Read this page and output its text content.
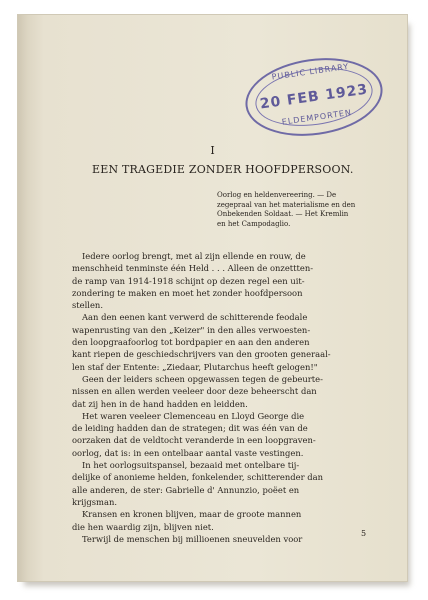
PUBLIC LIBRARY
20 FEB 1923
ELDEMPORTEN
I
EEN TRAGEDIE ZONDER HOOFDPERSOON.
Oorlog en heldenvereering. — De
zegepraal van het materialisme en den
Onbekenden Soldaat. — Het Kremlin
en het Campodaglio.
Iedere oorlog brengt, met al zijn ellende en rouw, de
menschheid tenminste één Held . . . Alleen de onzettten-
de ramp van 1914-1918 schijnt op dezen regel een uit-
zondering te maken en moet het zonder hoofdpersoon
stellen.
Aan den eenen kant verwerd de schitterende feodale
wapenrusting van den „Keizer" in den alles verwoesten-
den loopgraafoorlog tot bordpapier en aan den anderen
kant riepen de geschiedschrijvers van den grooten generaal-
len staf der Entente: „Ziedaar, Plutarchus heeft gelogen!"
Geen der leiders scheen opgewassen tegen de gebeurte-
nissen en allen werden veeleer door deze beheerscht dan
dat zij hen in de hand hadden en leidden.
Het waren veeleer Clemenceau en Lloyd George die
de leiding hadden dan de strategen; dit was één van de
oorzaken dat de veldtocht veranderde in een loopgraven-
oorlog, dat is: in een ontelbaar aantal vaste vestingen.
In het oorlogsuitspansel, bezaaid met ontelbare tij-
delijke of anonieme helden, fonkelender, schitterender dan
alle anderen, de ster: Gabrielle d' Annunzio, poëet en
krijgsman.
Kransen en kronen blijven, maar de groote mannen
die hen waardig zijn, blijven niet.
Terwijl de menschen bij millioenen sneuvelden voor
5
